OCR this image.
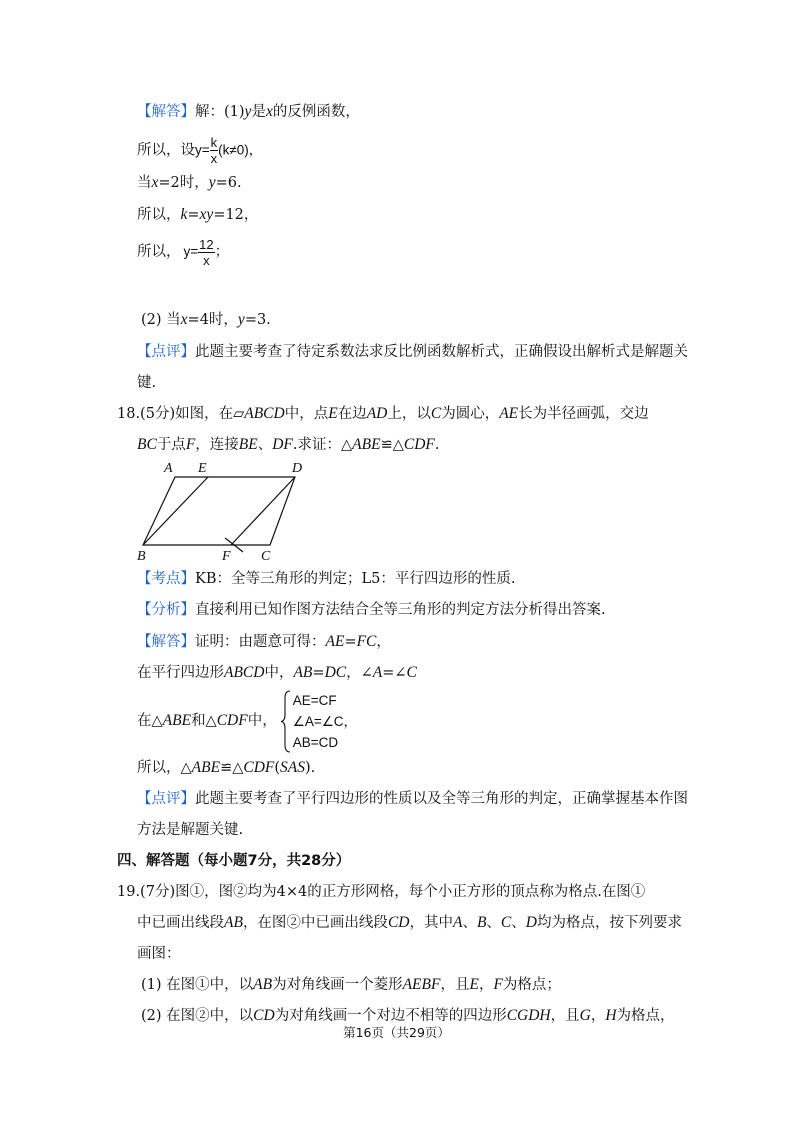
【解答】解：(1)y是x的反例函数，
所以，设$y= \frac{k}{x} (k\ne 0)$，
当x=2时，y=6.
所以，k=xy=12，
所以， $y= \frac{12}{x}$ ；
(2) 当x=4时，y=3.
【点评】此题主要考查了待定系数法求反比例函数解析式，正确假设出解析式是解题关
键.
18.(5分)如图，在▱ABCD中，点E在边AD上，以C为圆心，AE长为半径画弧，交边
BC于点F，连接BE、DF.求证：△ABE≌△CDF.
A E	D
B	F C
【考点】KB：全等三角形的判定；L5：平行四边形的性质.
【分析】直接利用已知作图方法结合全等三角形的判定方法分析得出答案.
【解答】证明：由题意可得：AE=FC，
在平行四边形ABCD中，AB=DC，∠A=∠C
在△ABE和△CDF中，
AE=CF
∠A=∠C，
AB=CD
所以，△ABE≌△CDF(SAS).
【点评】此题主要考查了平行四边形的性质以及全等三角形的判定，正确掌握基本作图
方法是解题关键.
四、解答题（每小题7分，共28分）
19.(7分)图①，图②均为4×4的正方形网格，每个小正方形的顶点称为格点.在图①
中已画出线段AB，在图②中已画出线段CD，其中A、B、C、D均为格点，按下列要求
画图：
(1) 在图①中，以AB为对角线画一个菱形AEBF，且E，F为格点；
(2) 在图②中，以CD为对角线画一个对边不相等的四边形CGDH，且G，H为格点，
第16页（共29页）
